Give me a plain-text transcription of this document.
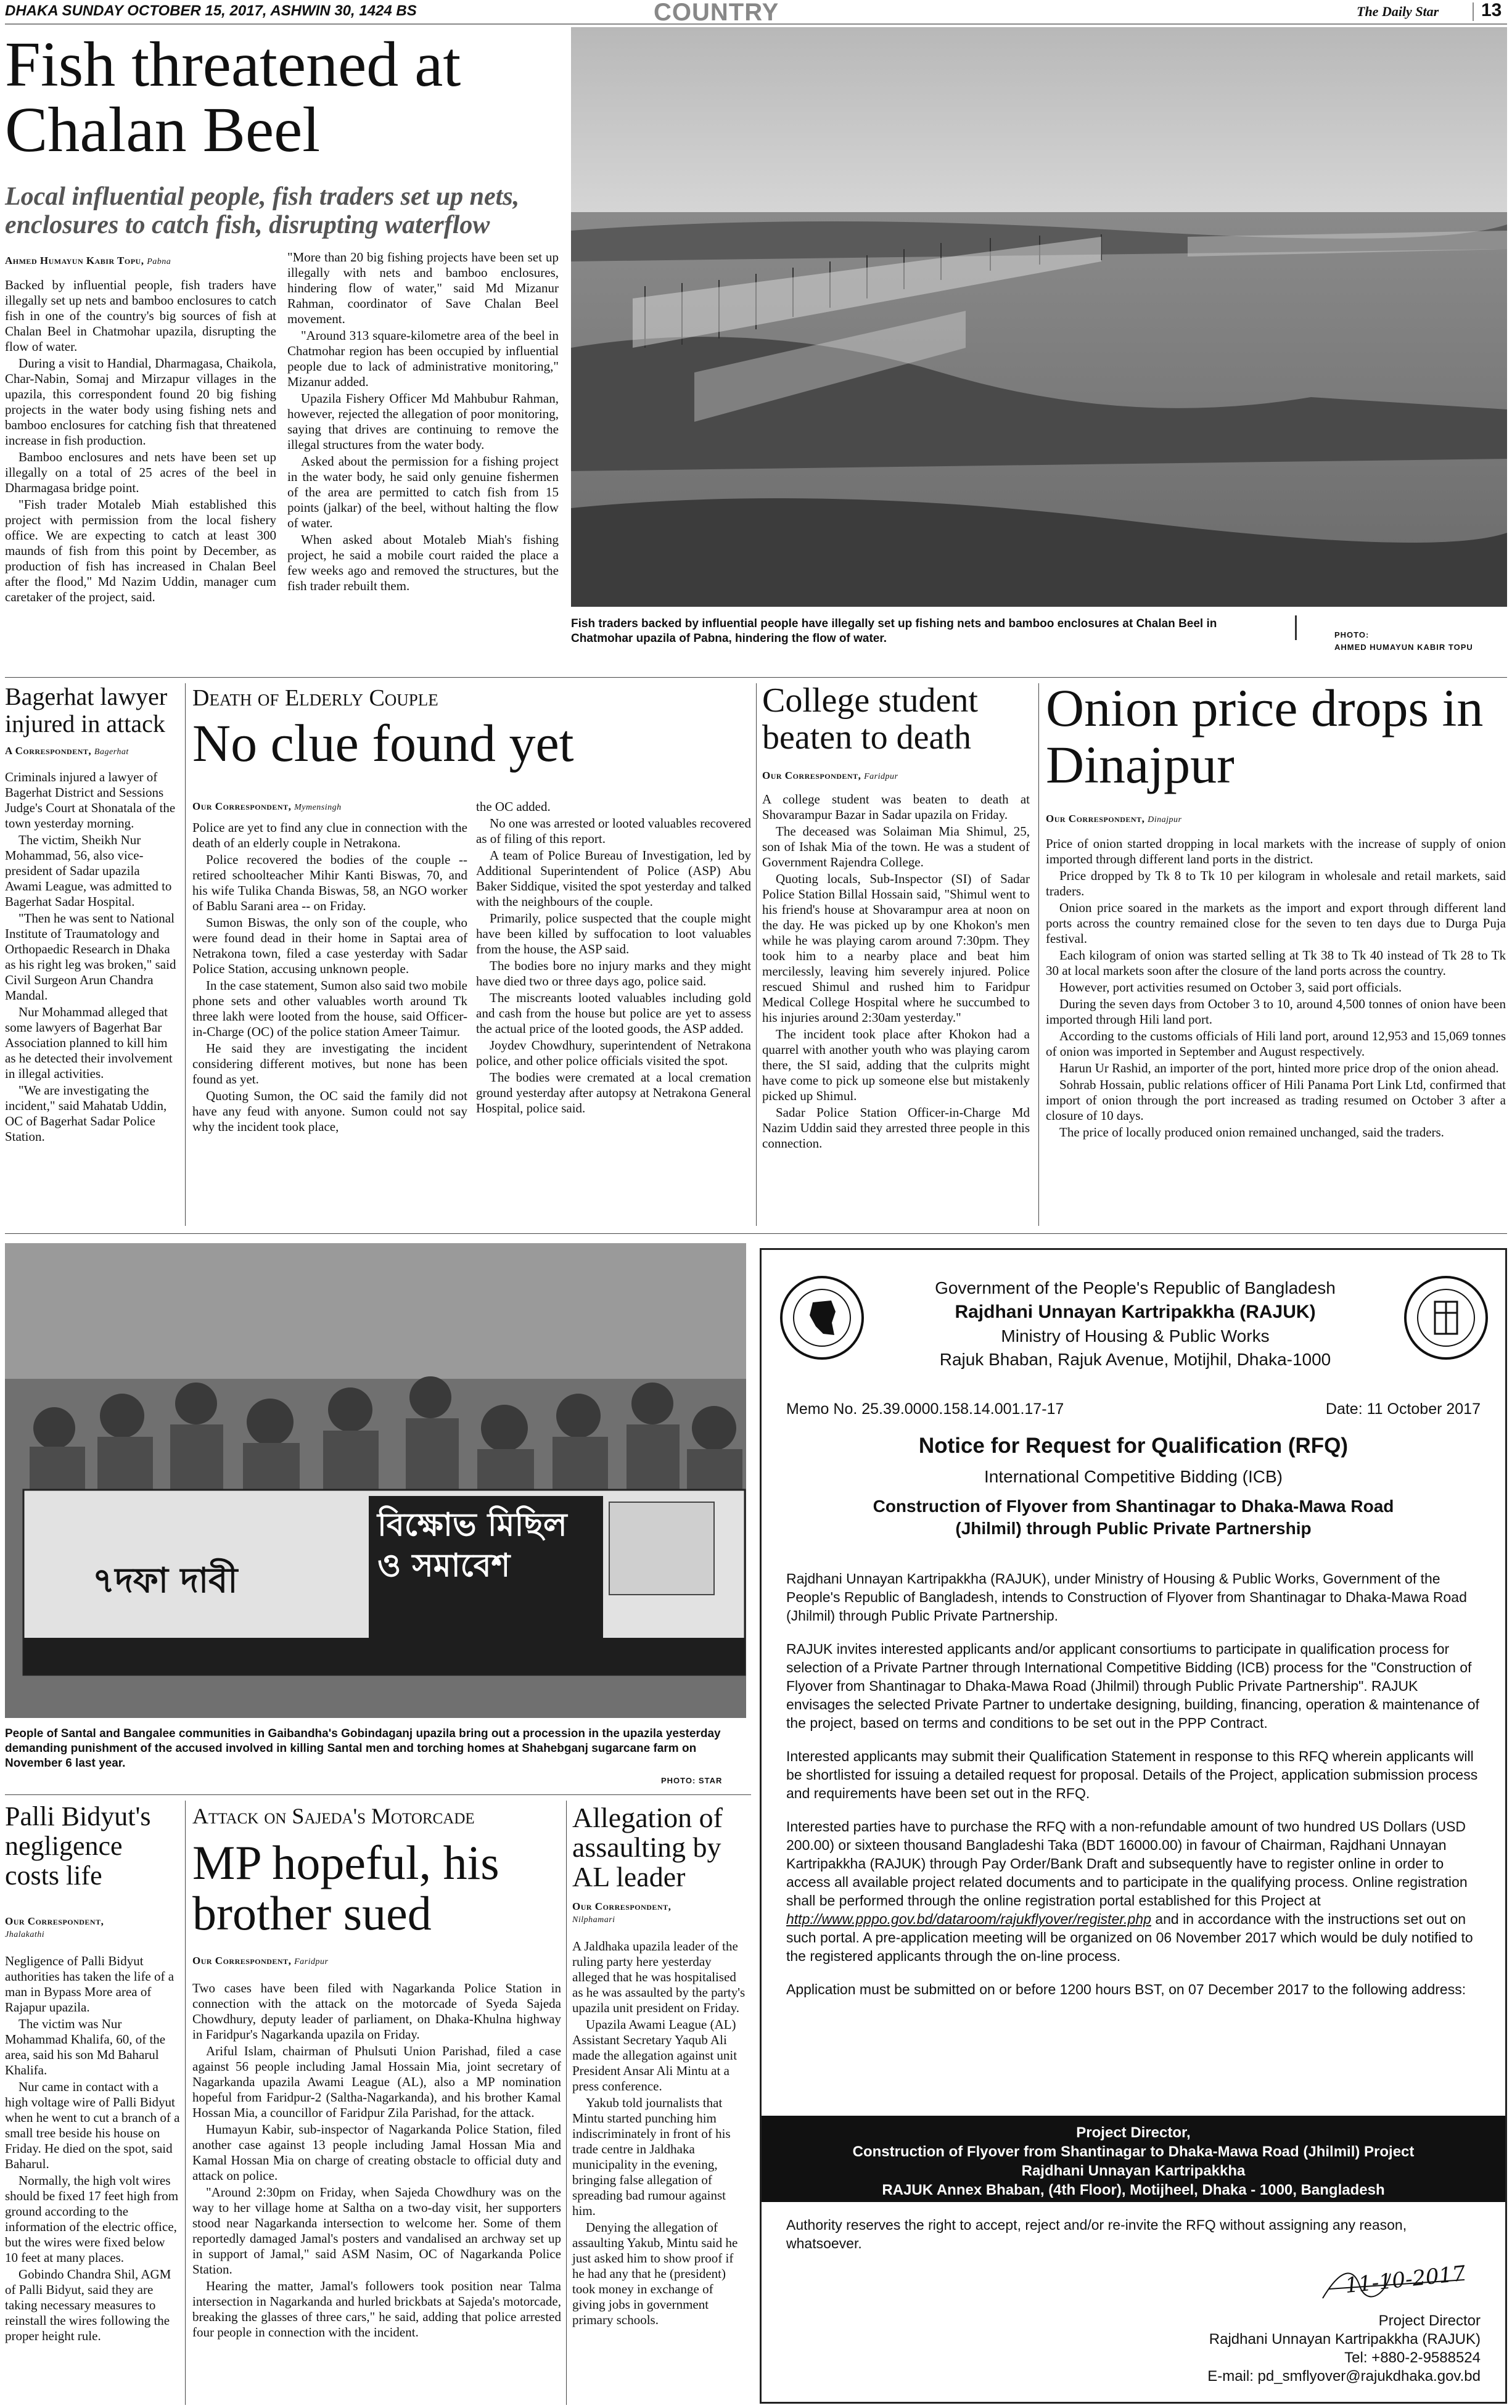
DHAKA SUNDAY OCTOBER 15, 2017, ASHWIN 30, 1424 BS	COUNTRY	The Daily Star 13
Fish threatened at Chalan Beel
Local influential people, fish traders set up nets, enclosures to catch fish, disrupting waterflow
Ahmed Humayun Kabir Topu, Pabna

Backed by influential people, fish traders have illegally set up nets and bamboo enclosures to catch fish in one of the country's big sources of fish at Chalan Beel in Chatmohar upazila, disrupting the flow of water.

During a visit to Handial, Dharmagasa, Chaikola, Char-Nabin, Somaj and Mirzapur villages in the upazila, this correspondent found 20 big fishing projects in the water body using fishing nets and bamboo enclosures for catching fish that threatened increase in fish production.

Bamboo enclosures and nets have been set up illegally on a total of 25 acres of the beel in Dharmagasa bridge point.

"Fish trader Motaleb Miah established this project with permission from the local fishery office. We are expecting to catch at least 300 maunds of fish from this point by December, as production of fish has increased in Chalan Beel after the flood," Md Nazim Uddin, manager cum caretaker of the project, said.

"More than 20 big fishing projects have been set up illegally with nets and bamboo enclosures, hindering flow of water," said Md Mizanur Rahman, coordinator of Save Chalan Beel movement.

"Around 313 square-kilometre area of the beel in Chatmohar region has been occupied by influential people due to lack of administrative monitoring," Mizanur added.

Upazila Fishery Officer Md Mahbubur Rahman, however, rejected the allegation of poor monitoring, saying that drives are continuing to remove the illegal structures from the water body.

Asked about the permission for a fishing project in the water body, he said only genuine fishermen of the area are permitted to catch fish from 15 points (jalkar) of the beel, without halting the flow of water.

When asked about Motaleb Miah's fishing project, he said a mobile court raided the place a few weeks ago and removed the structures, but the fish trader rebuilt them.

Fish traders backed by influential people have illegally set up fishing nets and bamboo enclosures at Chalan Beel in Chatmohar upazila of Pabna, hindering the flow of water.	PHOTO:
AHMED HUMAYUN KABIR TOPU
Bagerhat lawyer injured in attack
A Correspondent, Bagerhat

Criminals injured a lawyer of Bagerhat District and Sessions Judge's Court at Shonatala of the town yesterday morning.

The victim, Sheikh Nur Mohammad, 56, also vice-president of Sadar upazila Awami League, was admitted to Bagerhat Sadar Hospital.

"Then he was sent to National Institute of Traumatology and Orthopaedic Research in Dhaka as his right leg was broken," said Civil Surgeon Arun Chandra Mandal.

Nur Mohammad alleged that some lawyers of Bagerhat Bar Association planned to kill him as he detected their involvement in illegal activities.

"We are investigating the incident," said Mahatab Uddin, OC of Bagerhat Sadar Police Station.

Death of Elderly Couple
No clue found yet
Our Correspondent, Mymensingh

Police are yet to find any clue in connection with the death of an elderly couple in Netrakona.

Police recovered the bodies of the couple -- retired schoolteacher Mihir Kanti Biswas, 70, and his wife Tulika Chanda Biswas, 58, an NGO worker of Bablu Sarani area -- on Friday.

Sumon Biswas, the only son of the couple, who were found dead in their home in Saptai area of Netrakona town, filed a case yesterday with Sadar Police Station, accusing unknown people.

In the case statement, Sumon also said two mobile phone sets and other valuables worth around Tk three lakh were looted from the house, said Officer-in-Charge (OC) of the police station Ameer Taimur.

He said they are investigating the incident considering different motives, but none has been found as yet.

Quoting Sumon, the OC said the family did not have any feud with anyone. Sumon could not say why the incident took place,

the OC added.

No one was arrested or looted valuables recovered as of filing of this report.

A team of Police Bureau of Investigation, led by Additional Superintendent of Police (ASP) Abu Baker Siddique, visited the spot yesterday and talked with the neighbours of the couple.

Primarily, police suspected that the couple might have been killed by suffocation to loot valuables from the house, the ASP said.

The bodies bore no injury marks and they might have died two or three days ago, police said.

The miscreants looted valuables including gold and cash from the house but police are yet to assess the actual price of the looted goods, the ASP added.

Joydev Chowdhury, superintendent of Netrakona police, and other police officials visited the spot.

The bodies were cremated at a local cremation ground yesterday after autopsy at Netrakona General Hospital, police said.

College student beaten to death
Our Correspondent, Faridpur

A college student was beaten to death at Shovarampur Bazar in Sadar upazila on Friday.

The deceased was Solaiman Mia Shimul, 25, son of Ishak Mia of the town. He was a student of Government Rajendra College.

Quoting locals, Sub-Inspector (SI) of Sadar Police Station Billal Hossain said, "Shimul went to his friend's house at Shovarampur area at noon on the day. He was picked up by one Khokon's men while he was playing carom around 7:30pm. They took him to a nearby place and beat him mercilessly, leaving him severely injured. Police rescued Shimul and rushed him to Faridpur Medical College Hospital where he succumbed to his injuries around 2:30am yesterday."

The incident took place after Khokon had a quarrel with another youth who was playing carom there, the SI said, adding that the culprits might have come to pick up someone else but mistakenly picked up Shimul.

Sadar Police Station Officer-in-Charge Md Nazim Uddin said they arrested three people in this connection.

Onion price drops in Dinajpur
Our Correspondent, Dinajpur

Price of onion started dropping in local markets with the increase of supply of onion imported through different land ports in the district.

Price dropped by Tk 8 to Tk 10 per kilogram in wholesale and retail markets, said traders.

Onion price soared in the markets as the import and export through different land ports across the country remained close for the seven to ten days due to Durga Puja festival.

Each kilogram of onion was started selling at Tk 38 to Tk 40 instead of Tk 28 to Tk 30 at local markets soon after the closure of the land ports across the country.

However, port activities resumed on October 3, said port officials.

During the seven days from October 3 to 10, around 4,500 tonnes of onion have been imported through Hili land port.

According to the customs officials of Hili land port, around 12,953 and 15,069 tonnes of onion was imported in September and August respectively.

Harun Ur Rashid, an importer of the port, hinted more price drop of the onion ahead.

Sohrab Hossain, public relations officer of Hili Panama Port Link Ltd, confirmed that import of onion through the port increased as trading resumed on October 3 after a closure of 10 days.

The price of locally produced onion remained unchanged, said the traders.

৭দফা দাবী
বিক্ষোভ মিছিল ও সমাবেশ
People of Santal and Bangalee communities in Gaibandha's Gobindaganj upazila bring out a procession in the upazila yesterday demanding punishment of the accused involved in killing Santal men and torching homes at Shahebganj sugarcane farm on November 6 last year.
PHOTO: STAR
Palli Bidyut's negligence costs life
Our Correspondent,
Jhalakathi

Negligence of Palli Bidyut authorities has taken the life of a man in Bypass More area of Rajapur upazila.

The victim was Nur Mohammad Khalifa, 60, of the area, said his son Md Baharul Khalifa.

Nur came in contact with a high voltage wire of Palli Bidyut when he went to cut a branch of a small tree beside his house on Friday. He died on the spot, said Baharul.

Normally, the high volt wires should be fixed 17 feet high from ground according to the information of the electric office, but the wires were fixed below 10 feet at many places.

Gobindo Chandra Shil, AGM of Palli Bidyut, said they are taking necessary measures to reinstall the wires following the proper height rule.

Attack on Sajeda's Motorcade
MP hopeful, his brother sued
Our Correspondent, Faridpur

Two cases have been filed with Nagarkanda Police Station in connection with the attack on the motorcade of Syeda Sajeda Chowdhury, deputy leader of parliament, on Dhaka-Khulna highway in Faridpur's Nagarkanda upazila on Friday.

Ariful Islam, chairman of Phulsuti Union Parishad, filed a case against 56 people including Jamal Hossain Mia, joint secretary of Nagarkanda upazila Awami League (AL), also a MP nomination hopeful from Faridpur-2 (Saltha-Nagarkanda), and his brother Kamal Hossan Mia, a councillor of Faridpur Zila Parishad, for the attack.

Humayun Kabir, sub-inspector of Nagarkanda Police Station, filed another case against 13 people including Jamal Hossan Mia and Kamal Hossan Mia on charge of creating obstacle to official duty and attack on police.

"Around 2:30pm on Friday, when Sajeda Chowdhury was on the way to her village home at Saltha on a two-day visit, her supporters stood near Nagarkanda intersection to welcome her. Some of them reportedly damaged Jamal's posters and vandalised an archway set up in support of Jamal," said ASM Nasim, OC of Nagarkanda Police Station.

Hearing the matter, Jamal's followers took position near Talma intersection in Nagarkanda and hurled brickbats at Sajeda's motorcade, breaking the glasses of three cars," he said, adding that police arrested four people in connection with the incident.

Allegation of assaulting by AL leader
Our Correspondent,
Nilphamari

A Jaldhaka upazila leader of the ruling party here yesterday alleged that he was hospitalised as he was assaulted by the party's upazila unit president on Friday.

Upazila Awami League (AL) Assistant Secretary Yaqub Ali made the allegation against unit President Ansar Ali Mintu at a press conference.

Yakub told journalists that Mintu started punching him indiscriminately in front of his trade centre in Jaldhaka municipality in the evening, bringing false allegation of spreading bad rumour against him.

Denying the allegation of assaulting Yakub, Mintu said he just asked him to show proof if he had any that he (president) took money in exchange of giving jobs in government primary schools.

Government of the People's Republic of Bangladesh
Rajdhani Unnayan Kartripakkha (RAJUK)
Ministry of Housing & Public Works
Rajuk Bhaban, Rajuk Avenue, Motijhil, Dhaka-1000
Memo No. 25.39.0000.158.14.001.17-17	Date: 11 October 2017
Notice for Request for Qualification (RFQ)
International Competitive Bidding (ICB)
Construction of Flyover from Shantinagar to Dhaka-Mawa Road (Jhilmil) through Public Private Partnership

Rajdhani Unnayan Kartripakkha (RAJUK), under Ministry of Housing & Public Works, Government of the People's Republic of Bangladesh, intends to Construction of Flyover from Shantinagar to Dhaka-Mawa Road (Jhilmil) through Public Private Partnership.

RAJUK invites interested applicants and/or applicant consortiums to participate in qualification process for selection of a Private Partner through International Competitive Bidding (ICB) process for the "Construction of Flyover from Shantinagar to Dhaka-Mawa Road (Jhilmil) through Public Private Partnership". RAJUK envisages the selected Private Partner to undertake designing, building, financing, operation & maintenance of the project, based on terms and conditions to be set out in the PPP Contract.

Interested applicants may submit their Qualification Statement in response to this RFQ wherein applicants will be shortlisted for issuing a detailed request for proposal. Details of the Project, application submission process and requirements have been set out in the RFQ.

Interested parties have to purchase the RFQ with a non-refundable amount of two hundred US Dollars (USD 200.00) or sixteen thousand Bangladeshi Taka (BDT 16000.00) in favour of Chairman, Rajdhani Unnayan Kartripakkha (RAJUK) through Pay Order/Bank Draft and subsequently have to register online in order to access all available project related documents and to participate in the qualifying process. Online registration shall be performed through the online registration portal established for this Project at http://www.pppo.gov.bd/dataroom/rajukflyover/register.php and in accordance with the instructions set out on such portal. A pre-application meeting will be organized on 06 November 2017 which would be duly notified to the registered applicants through the on-line process.

Application must be submitted on or before 1200 hours BST, on 07 December 2017 to the following address:

Project Director,
Construction of Flyover from Shantinagar to Dhaka-Mawa Road (Jhilmil) Project
Rajdhani Unnayan Kartripakkha
RAJUK Annex Bhaban, (4th Floor), Motijheel, Dhaka - 1000, Bangladesh

Authority reserves the right to accept, reject and/or re-invite the RFQ without assigning any reason, whatsoever.

11-10-2017
Project Director
Rajdhani Unnayan Kartripakkha (RAJUK)
Tel: +880-2-9588524
E-mail: pd_smflyover@rajukdhaka.gov.bd
